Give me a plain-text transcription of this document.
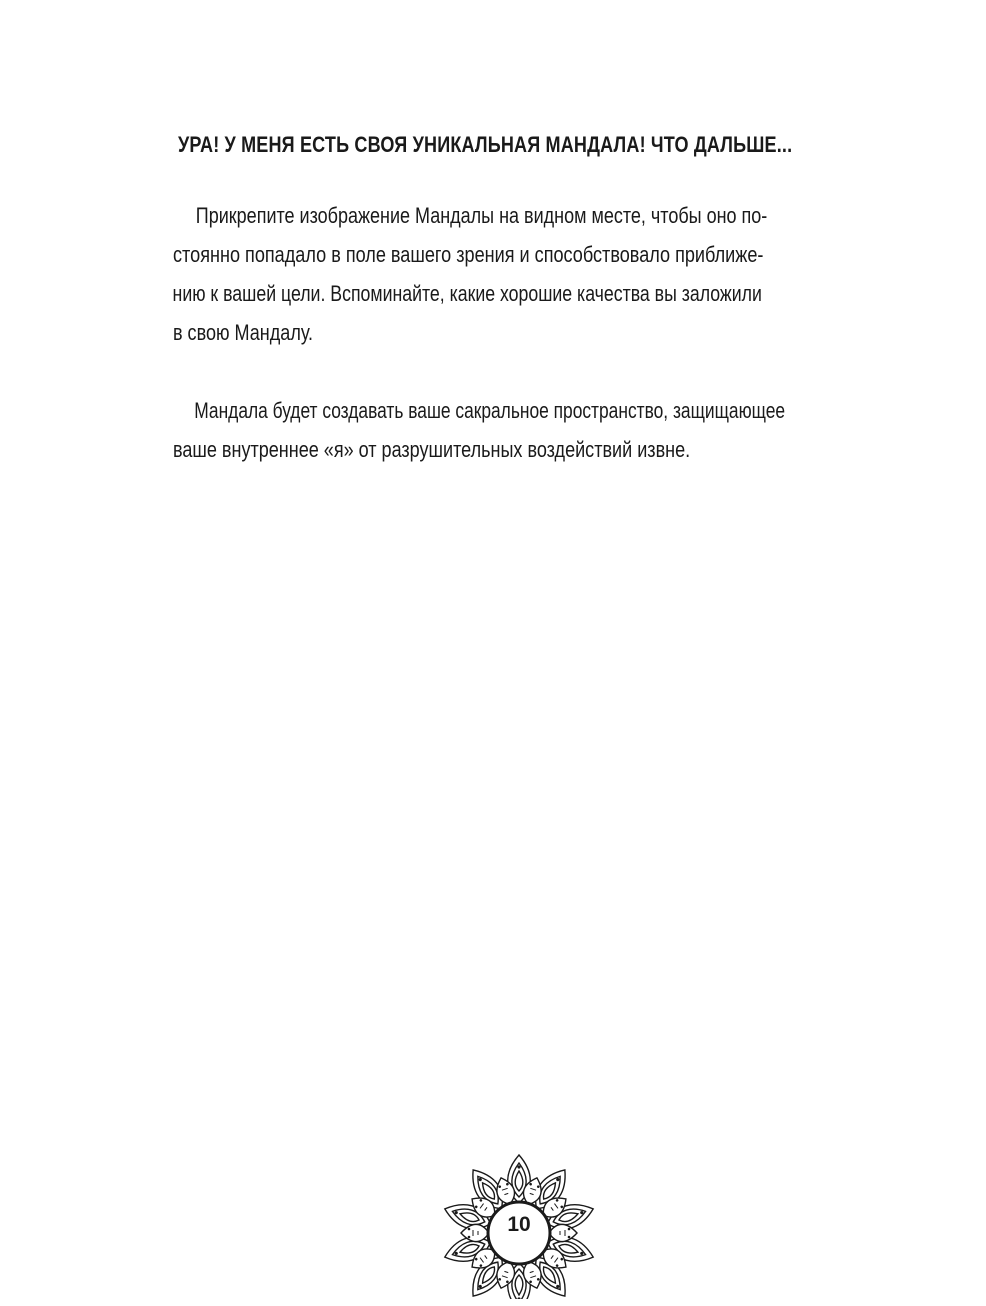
УРА! У МЕНЯ ЕСТЬ СВОЯ УНИКАЛЬНАЯ МАНДАЛА! ЧТО ДАЛЬШЕ...

Прикрепите изображение Мандалы на видном месте, чтобы оно по-
стоянно попадало в поле вашего зрения и способствовало приближе-
нию к вашей цели. Вспоминайте, какие хорошие качества вы заложили
в свою Мандалу.

Мандала будет создавать ваше сакральное пространство, защищающее
ваше внутреннее «я» от разрушительных воздействий извне.

10
